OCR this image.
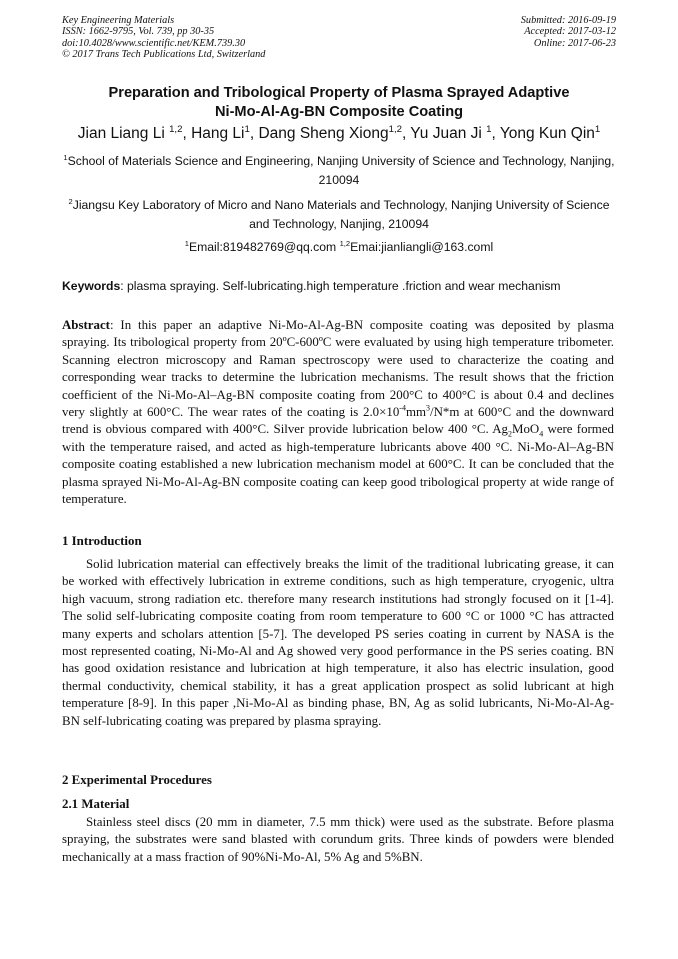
Key Engineering Materials
ISSN: 1662-9795, Vol. 739, pp 30-35
doi:10.4028/www.scientific.net/KEM.739.30
© 2017 Trans Tech Publications Ltd, Switzerland
Submitted: 2016-09-19
Accepted: 2017-03-12
Online: 2017-06-23
Preparation and Tribological Property of Plasma Sprayed Adaptive
Ni-Mo-Al-Ag-BN Composite Coating
Jian Liang Li $^{1,2}$, Hang Li$^1$, Dang Sheng Xiong$^{1,2}$, Yu Juan Ji $^1$, Yong Kun Qin$^1$
$^1$School of Materials Science and Engineering, Nanjing University of Science and Technology, Nanjing, 210094
$^2$Jiangsu Key Laboratory of Micro and Nano Materials and Technology, Nanjing University of Science and Technology, Nanjing, 210094
$^1$Email:819482769@qq.com $^{1,2}$Emai:jianliangli@163.coml
Keywords: plasma spraying. Self-lubricating.high temperature .friction and wear mechanism
Abstract: In this paper an adaptive Ni-Mo-Al-Ag-BN composite coating was deposited by plasma spraying. Its tribological property from 20ºC-600ºC were evaluated by using high temperature tribometer. Scanning electron microscopy and Raman spectroscopy were used to characterize the coating and corresponding wear tracks to determine the lubrication mechanisms. The result shows that the friction coefficient of the Ni-Mo-Al–Ag-BN composite coating from 200°C to 400°C is about 0.4 and declines very slightly at 600°C. The wear rates of the coating is $2.0\times 10^{-4}mm^3/N*m$ at 600°C and the downward trend is obvious compared with 400°C. Silver provide lubrication below 400 °C. $Ag_2MoO_4$ were formed with the temperature raised, and acted as high-temperature lubricants above 400 °C. Ni-Mo-Al–Ag-BN composite coating established a new lubrication mechanism model at 600°C. It can be concluded that the plasma sprayed Ni-Mo-Al-Ag-BN composite coating can keep good tribological property at wide range of temperature.
1 Introduction
Solid lubrication material can effectively breaks the limit of the traditional lubricating grease, it can be worked with effectively lubrication in extreme conditions, such as high temperature, cryogenic, ultra high vacuum, strong radiation etc. therefore many research institutions had strongly focused on it [1-4]. The solid self-lubricating composite coating from room temperature to 600 °C or 1000 °C has attracted many experts and scholars attention [5-7]. The developed PS series coating in current by NASA is the most represented coating, Ni-Mo-Al and Ag showed very good performance in the PS series coating. BN has good oxidation resistance and lubrication at high temperature, it also has electric insulation, good thermal conductivity, chemical stability, it has a great application prospect as solid lubricant at high temperature [8-9]. In this paper ,Ni-Mo-Al as binding phase, BN, Ag as solid lubricants, Ni-Mo-Al-Ag- BN self-lubricating coating was prepared by plasma spraying.
2 Experimental Procedures
2.1 Material
Stainless steel discs (20 mm in diameter, 7.5 mm thick) were used as the substrate. Before plasma spraying, the substrates were sand blasted with corundum grits. Three kinds of powders were blended mechanically at a mass fraction of 90%Ni-Mo-Al, 5% Ag and 5%BN.
